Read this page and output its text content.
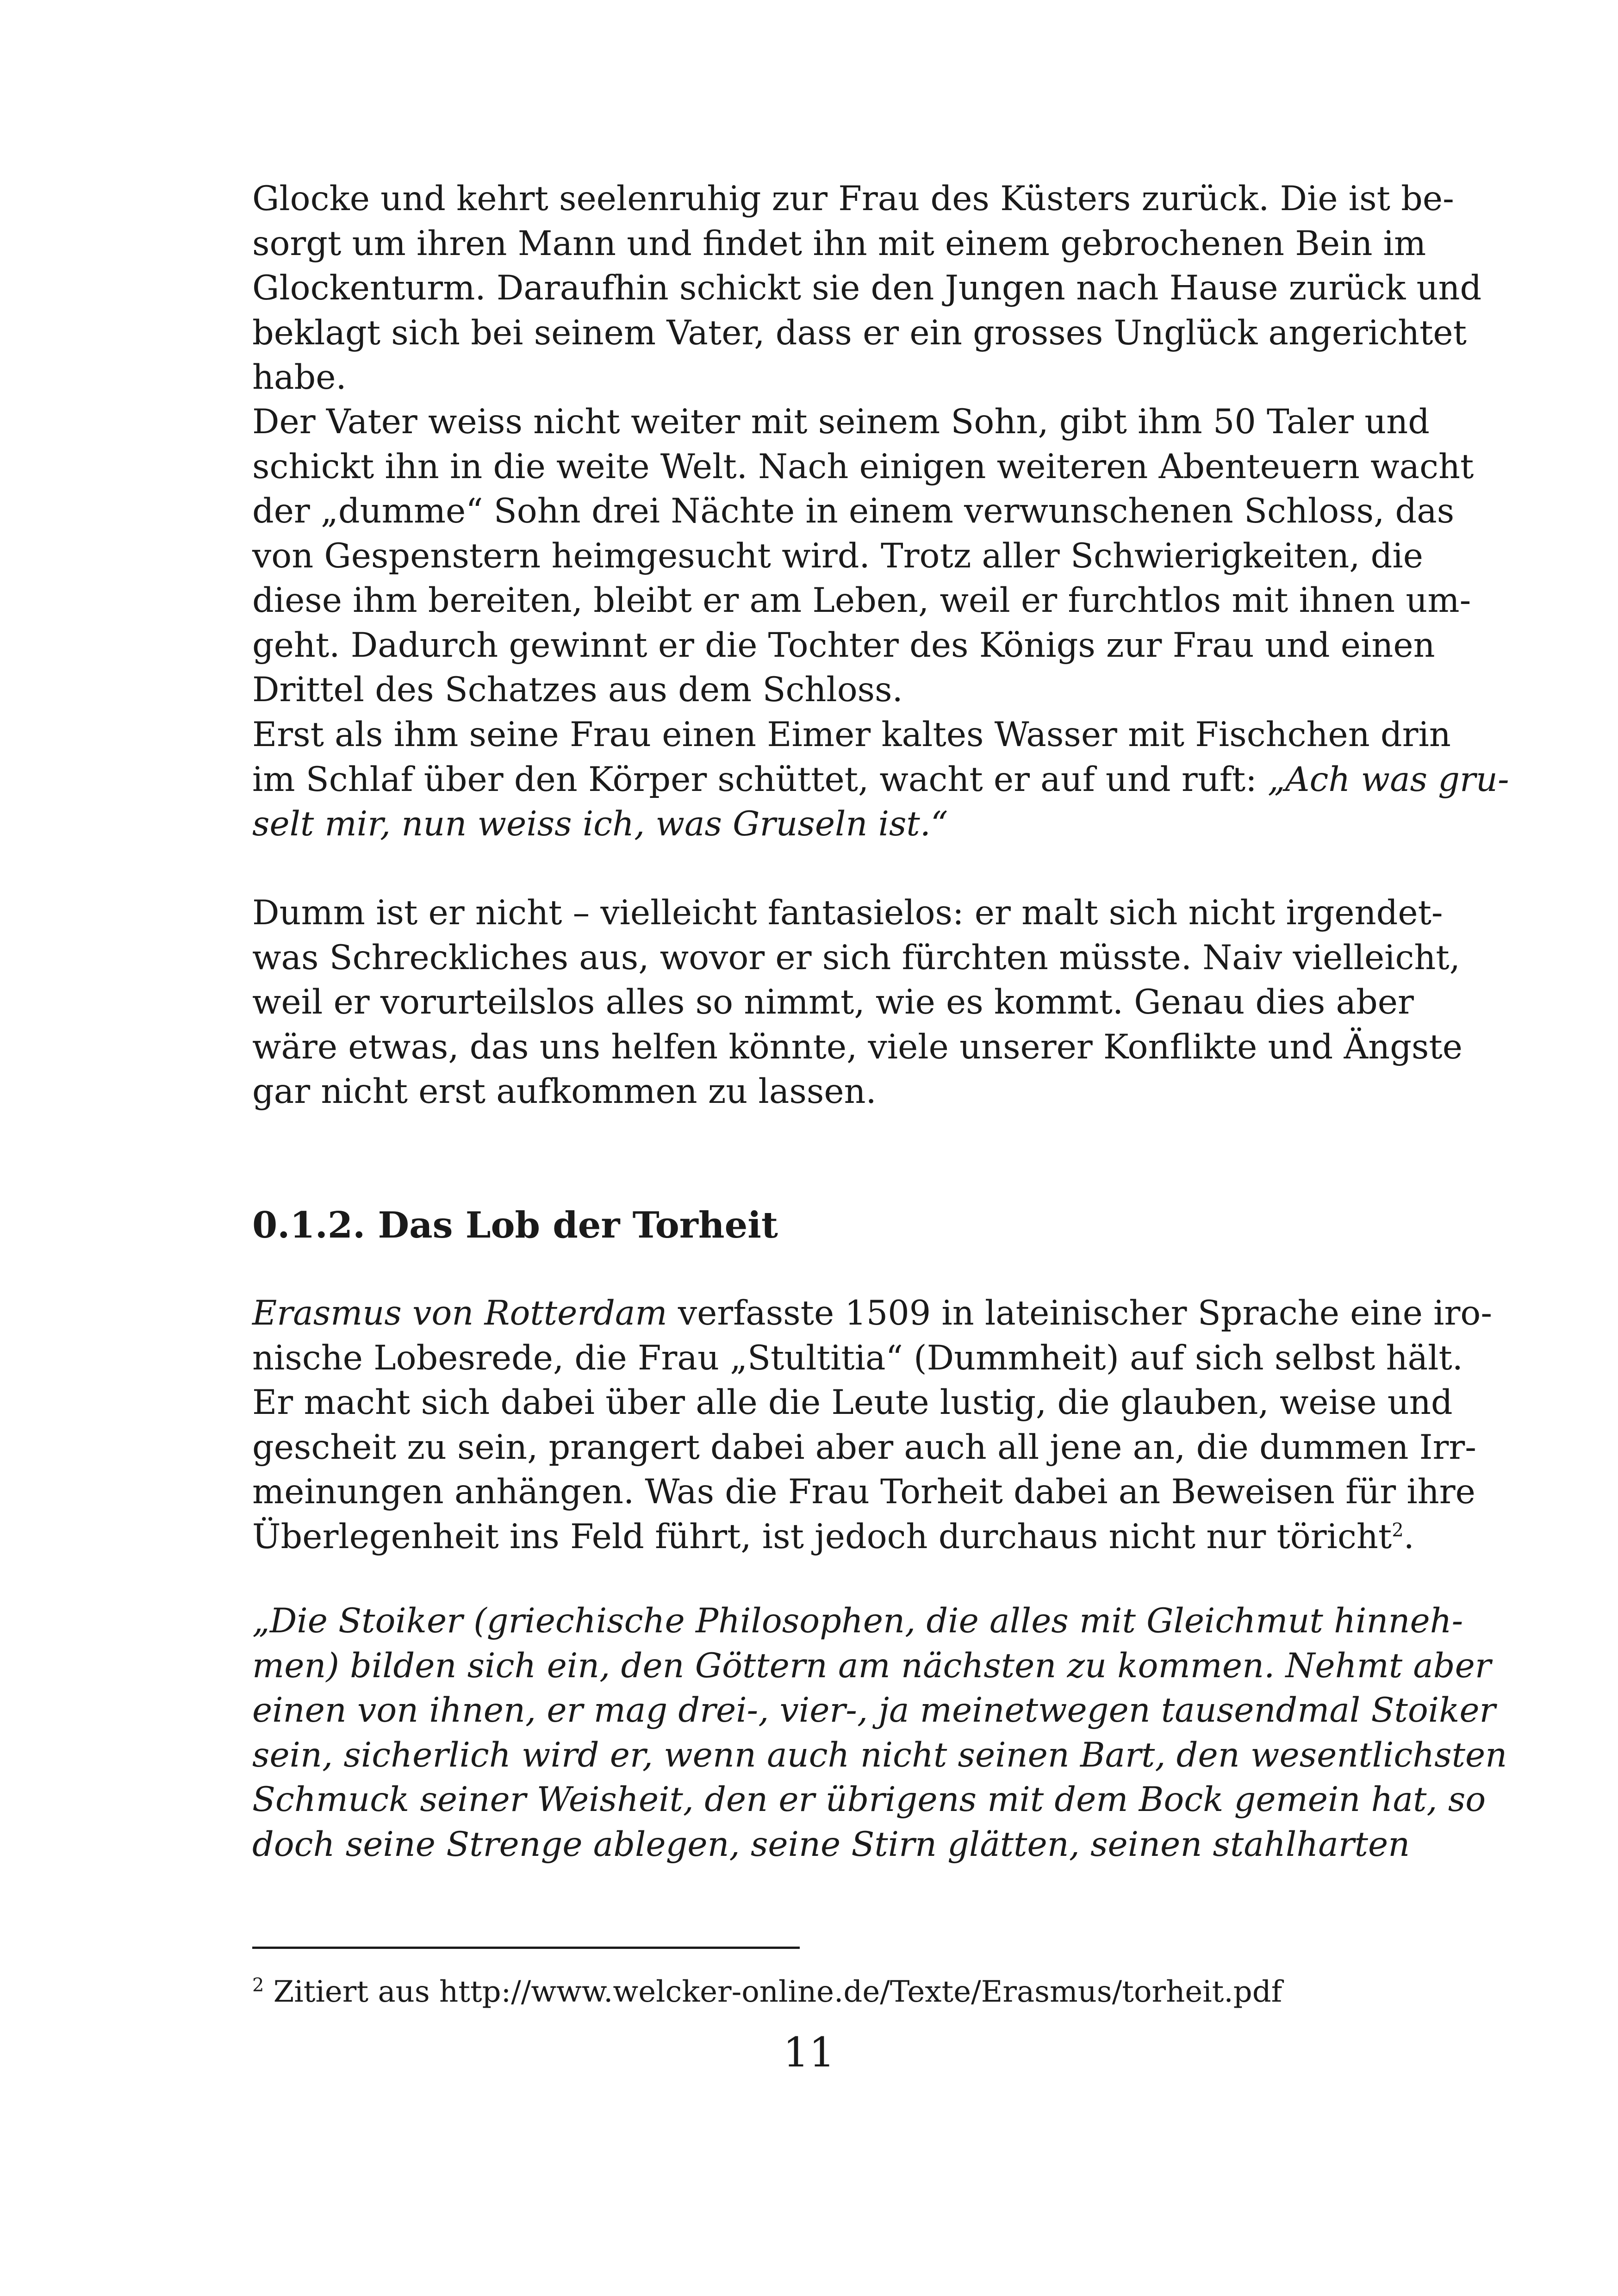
Glocke und kehrt seelenruhig zur Frau des Küsters zurück. Die ist be-
sorgt um ihren Mann und findet ihn mit einem gebrochenen Bein im
Glockenturm. Daraufhin schickt sie den Jungen nach Hause zurück und
beklagt sich bei seinem Vater, dass er ein grosses Unglück angerichtet
habe.
Der Vater weiss nicht weiter mit seinem Sohn, gibt ihm 50 Taler und
schickt ihn in die weite Welt. Nach einigen weiteren Abenteuern wacht
der „dumme“ Sohn drei Nächte in einem verwunschenen Schloss, das
von Gespenstern heimgesucht wird. Trotz aller Schwierigkeiten, die
diese ihm bereiten, bleibt er am Leben, weil er furchtlos mit ihnen um-
geht. Dadurch gewinnt er die Tochter des Königs zur Frau und einen
Drittel des Schatzes aus dem Schloss.
Erst als ihm seine Frau einen Eimer kaltes Wasser mit Fischchen drin
im Schlaf über den Körper schüttet, wacht er auf und ruft: „Ach was gru-
selt mir, nun weiss ich, was Gruseln ist.“
Dumm ist er nicht – vielleicht fantasielos: er malt sich nicht irgendet-
was Schreckliches aus, wovor er sich fürchten müsste. Naiv vielleicht,
weil er vorurteilslos alles so nimmt, wie es kommt. Genau dies aber
wäre etwas, das uns helfen könnte, viele unserer Konflikte und Ängste
gar nicht erst aufkommen zu lassen.
0.1.2. Das Lob der Torheit
Erasmus von Rotterdam verfasste 1509 in lateinischer Sprache eine iro-
nische Lobesrede, die Frau „Stultitia“ (Dummheit) auf sich selbst hält.
Er macht sich dabei über alle die Leute lustig, die glauben, weise und
gescheit zu sein, prangert dabei aber auch all jene an, die dummen Irr-
meinungen anhängen. Was die Frau Torheit dabei an Beweisen für ihre
Überlegenheit ins Feld führt, ist jedoch durchaus nicht nur töricht$^2$.
„Die Stoiker (griechische Philosophen, die alles mit Gleichmut hinneh-
men) bilden sich ein, den Göttern am nächsten zu kommen. Nehmt aber
einen von ihnen, er mag drei-, vier-, ja meinetwegen tausendmal Stoiker
sein, sicherlich wird er, wenn auch nicht seinen Bart, den wesentlichsten
Schmuck seiner Weisheit, den er übrigens mit dem Bock gemein hat, so
doch seine Strenge ablegen, seine Stirn glätten, seinen stahlharten
$^2$ Zitiert aus http://www.welcker-online.de/Texte/Erasmus/torheit.pdf
11
